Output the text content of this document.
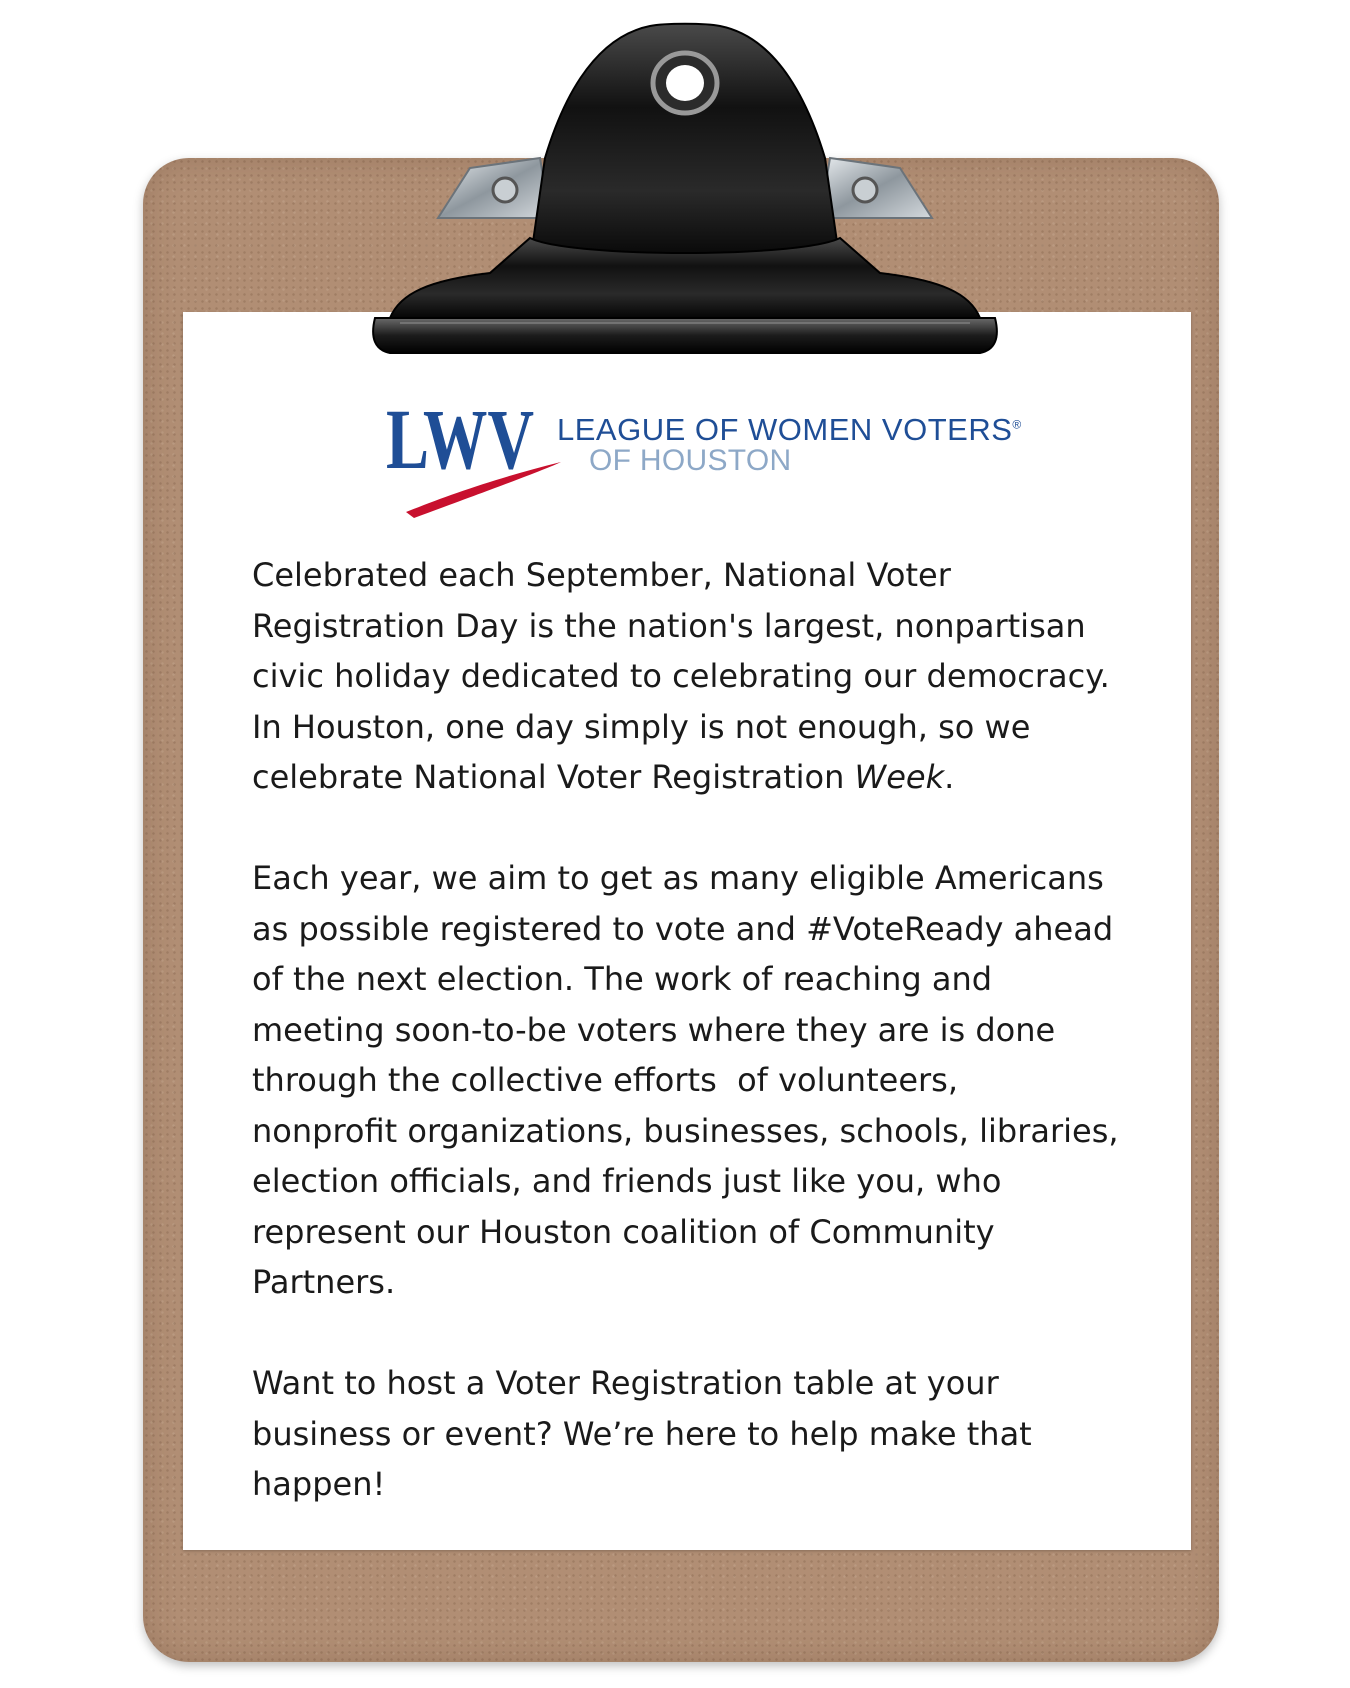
LWV LEAGUE OF WOMEN VOTERS®
OF HOUSTON

Celebrated each September, National Voter
Registration Day is the nation's largest, nonpartisan
civic holiday dedicated to celebrating our democracy.
In Houston, one day simply is not enough, so we
celebrate National Voter Registration Week.

Each year, we aim to get as many eligible Americans
as possible registered to vote and #VoteReady ahead
of the next election. The work of reaching and
meeting soon-to-be voters where they are is done
through the collective efforts  of volunteers,
nonprofit organizations, businesses, schools, libraries,
election officials, and friends just like you, who
represent our Houston coalition of Community
Partners.

Want to host a Voter Registration table at your
business or event? We’re here to help make that
happen!
